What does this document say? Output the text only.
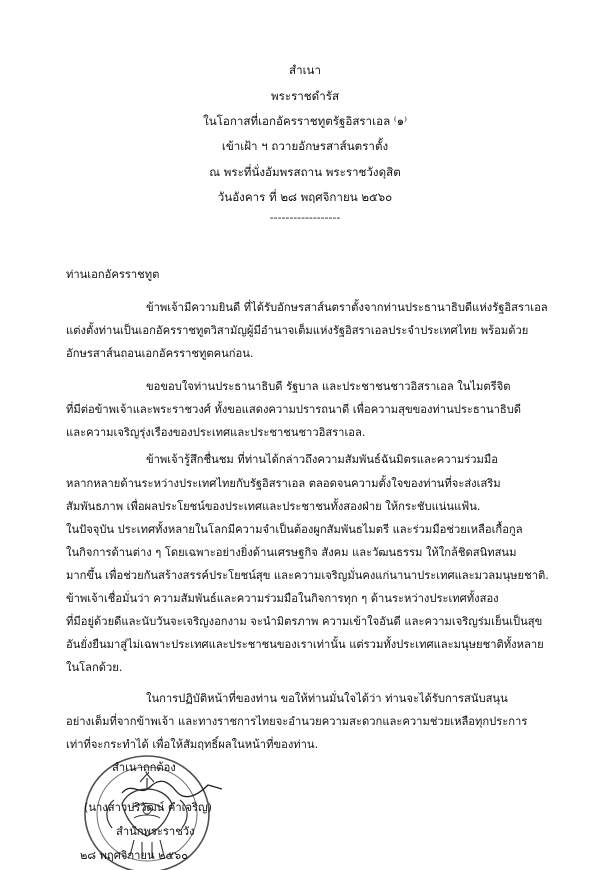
สำเนา
พระราชดำรัส
ในโอกาสที่เอกอัครราชทูตรัฐอิสราเอล ⁽๑⁾
เข้าเฝ้า ฯ ถวายอักษรสาส์นตราตั้ง
ณ พระที่นั่งอัมพรสถาน พระราชวังดุสิต
วันอังคาร ที่ ๒๘ พฤศจิกายน ๒๕๖๐
------------------
ท่านเอกอัครราชทูต
ข้าพเจ้ามีความยินดี ที่ได้รับอักษรสาส์นตราตั้งจากท่านประธานาธิบดีแห่งรัฐอิสราเอล
แต่งตั้งท่านเป็นเอกอัครราชทูตวิสามัญผู้มีอำนาจเต็มแห่งรัฐอิสราเอลประจำประเทศไทย พร้อมด้วย
อักษรสาส์นถอนเอกอัครราชทูตคนก่อน.
ขอขอบใจท่านประธานาธิบดี รัฐบาล และประชาชนชาวอิสราเอล ในไมตรีจิต
ที่มีต่อข้าพเจ้าและพระราชวงศ์ ทั้งขอแสดงความปรารถนาดี เพื่อความสุขของท่านประธานาธิบดี
และความเจริญรุ่งเรืองของประเทศและประชาชนชาวอิสราเอล.
ข้าพเจ้ารู้สึกชื่นชม ที่ท่านได้กล่าวถึงความสัมพันธ์ฉันมิตรและความร่วมมือ
หลากหลายด้านระหว่างประเทศไทยกับรัฐอิสราเอล ตลอดจนความตั้งใจของท่านที่จะส่งเสริม
สัมพันธภาพ เพื่อผลประโยชน์ของประเทศและประชาชนทั้งสองฝ่าย ให้กระชับแน่นแฟ้น.
ในปัจจุบัน ประเทศทั้งหลายในโลกมีความจำเป็นต้องผูกสัมพันธไมตรี และร่วมมือช่วยเหลือเกื้อกูล
ในกิจการด้านต่าง ๆ โดยเฉพาะอย่างยิ่งด้านเศรษฐกิจ สังคม และวัฒนธรรม ให้ใกล้ชิดสนิทสนม
มากขึ้น เพื่อช่วยกันสร้างสรรค์ประโยชน์สุข และความเจริญมั่นคงแก่นานาประเทศและมวลมนุษยชาติ.
ข้าพเจ้าเชื่อมั่นว่า ความสัมพันธ์และความร่วมมือในกิจการทุก ๆ ด้านระหว่างประเทศทั้งสอง
ที่มีอยู่ด้วยดีและนับวันจะเจริญงอกงาม จะนำมิตรภาพ ความเข้าใจอันดี และความเจริญร่มเย็นเป็นสุข
อันยั่งยืนมาสู่ไม่เฉพาะประเทศและประชาชนของเราเท่านั้น แต่รวมทั้งประเทศและมนุษยชาติทั้งหลาย
ในโลกด้วย.
ในการปฏิบัติหน้าที่ของท่าน ขอให้ท่านมั่นใจได้ว่า ท่านจะได้รับการสนับสนุน
อย่างเต็มที่จากข้าพเจ้า และทางราชการไทยจะอำนวยความสะดวกและความช่วยเหลือทุกประการ
เท่าที่จะกระทำได้ เพื่อให้สัมฤทธิ์ผลในหน้าที่ของท่าน.
สำเนาถูกต้อง
(นางสาวปริวัฒน์ คำเจริญ)
สำนักพระราชวัง
๒๘ พฤศจิกายน ๒๕๖๐
